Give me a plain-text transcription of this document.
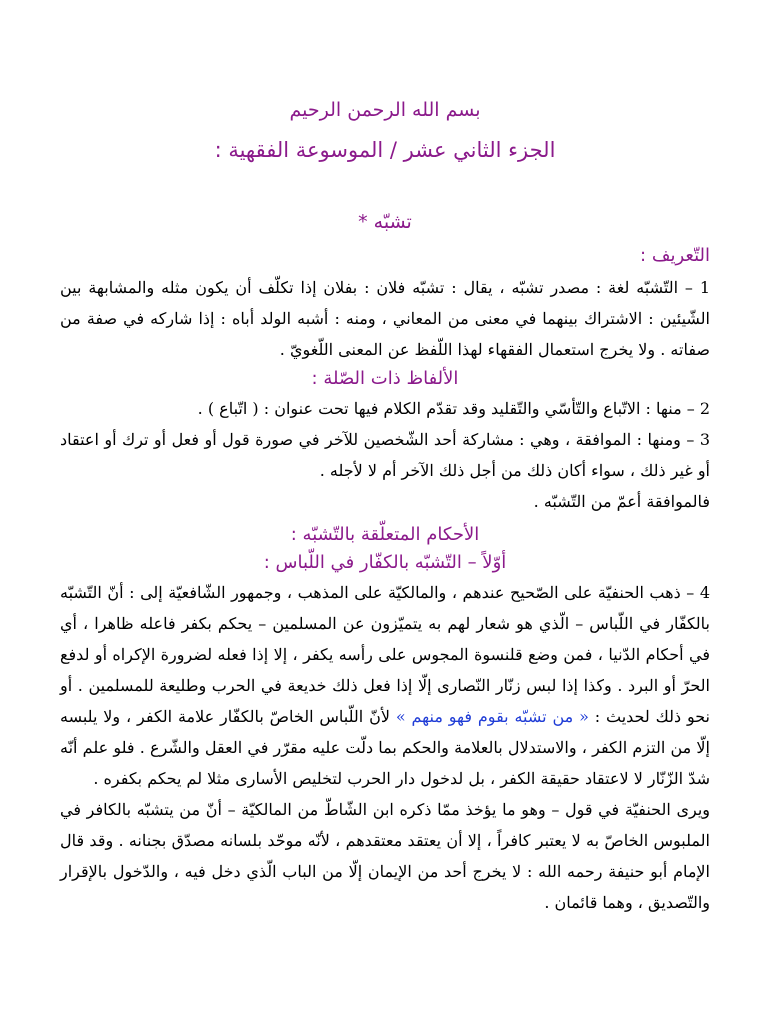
بسم الله الرحمن الرحيم
الجزء الثاني عشر / الموسوعة الفقهية :
تشبّه *
التّعريف :

1 – التّشبّه لغة : مصدر تشبّه ، يقال : تشبّه فلان : بفلان إذا تكلّف أن يكون مثله والمشابهة بين الشّيئين : الاشتراك بينهما في معنى من المعاني ، ومنه : أشبه الولد أباه : إذا شاركه في صفة من صفاته . ولا يخرج استعمال الفقهاء لهذا اللّفظ عن المعنى اللّغويّ .

الألفاظ ذات الصّلة :

2 – منها : الاتّباع والتّأسّي والتّقليد وقد تقدّم الكلام فيها تحت عنوان : ( اتّباع ) .

3 – ومنها : الموافقة ، وهي : مشاركة أحد الشّخصين للآخر في صورة قول أو فعل أو ترك أو اعتقاد أو غير ذلك ، سواء أكان ذلك من أجل ذلك الآخر أم لا لأجله .

فالموافقة أعمّ من التّشبّه .

الأحكام المتعلّقة بالتّشبّه :
أوّلاً – التّشبّه بالكفّار في اللّباس :

4 – ذهب الحنفيّة على الصّحيح عندهم ، والمالكيّة على المذهب ، وجمهور الشّافعيّة إلى : أنّ التّشبّه بالكفّار في اللّباس – الّذي هو شعار لهم به يتميّزون عن المسلمين – يحكم بكفر فاعله ظاهرا ، أي في أحكام الدّنيا ، فمن وضع قلنسوة المجوس على رأسه يكفر ، إلا إذا فعله لضرورة الإكراه أو لدفع الحرّ أو البرد . وكذا إذا لبس زنّار النّصارى إلّا إذا فعل ذلك خديعة في الحرب وطليعة للمسلمين . أو نحو ذلك لحديث : « من تشبّه بقوم فهو منهم » لأنّ اللّباس الخاصّ بالكفّار علامة الكفر ، ولا يلبسه إلّا من التزم الكفر ، والاستدلال بالعلامة والحكم بما دلّت عليه مقرّر في العقل والشّرع . فلو علم أنّه شدّ الزّنّار لا لاعتقاد حقيقة الكفر ، بل لدخول دار الحرب لتخليص الأسارى مثلا لم يحكم بكفره .

ويرى الحنفيّة في قول – وهو ما يؤخذ ممّا ذكره ابن الشّاطّ من المالكيّة – أنّ من يتشبّه بالكافر في الملبوس الخاصّ به لا يعتبر كافراً ، إلا أن يعتقد معتقدهم ، لأنّه موحّد بلسانه مصدّق بجنانه . وقد قال الإمام أبو حنيفة رحمه الله : لا يخرج أحد من الإيمان إلّا من الباب الّذي دخل فيه ، والدّخول بالإقرار والتّصديق ، وهما قائمان .
